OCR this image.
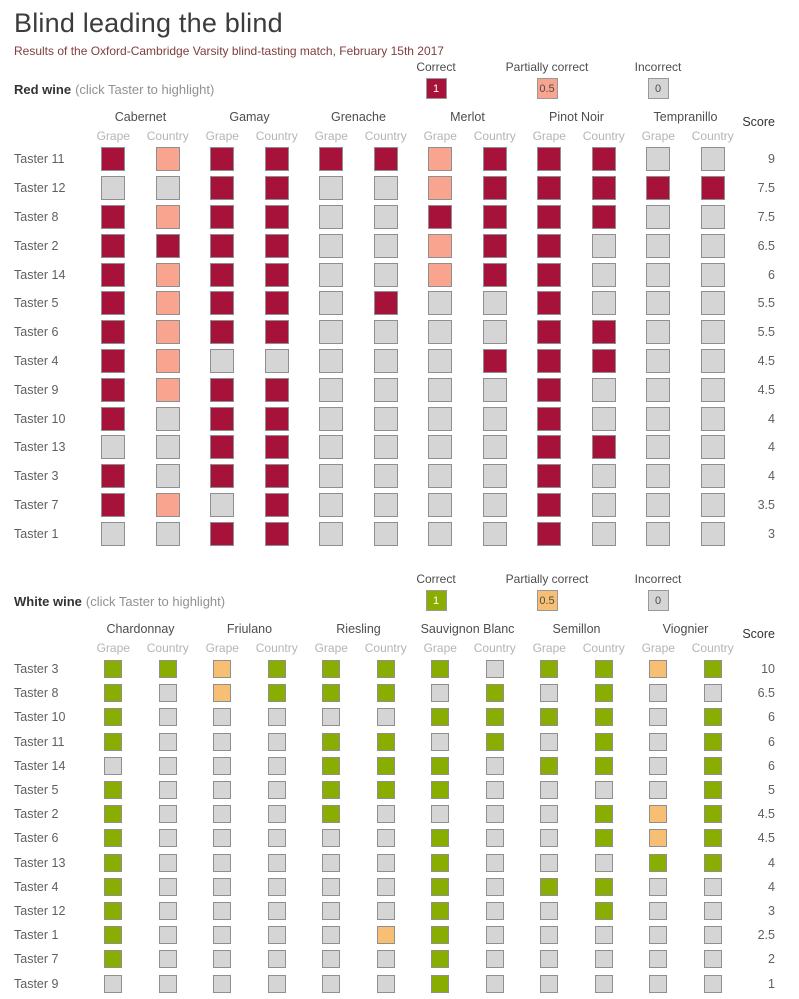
Blind leading the blind
Results of the Oxford-Cambridge Varsity blind-tasting match, February 15th 2017
Red wine (click Taster to highlight)
Score
Cabernet	Gamay	Grenache	Merlot	Pinot Noir	Tempranillo
Grape	Country	Grape	Country	Grape	Country	Grape	Country	Grape	Country	Grape	Country
Taster 11	9
Taster 12	7.5
Taster 8	7.5
Taster 2	6.5
Taster 14	6
Taster 5	5.5
Taster 6	5.5
Taster 4	4.5
Taster 9	4.5
Taster 10	4
Taster 13	4
Taster 3	4
Taster 7	3.5
Taster 1	3
Correct
1
Partially correct
0.5
Incorrect
0
White wine (click Taster to highlight)
Score
Chardonnay	Friulano	Riesling	Sauvignon Blanc	Semillon	Viognier
Grape	Country	Grape	Country	Grape	Country	Grape	Country	Grape	Country	Grape	Country
Taster 3	10
Taster 8	6.5
Taster 10	6
Taster 11	6
Taster 14	6
Taster 5	5
Taster 2	4.5
Taster 6	4.5
Taster 13	4
Taster 4	4
Taster 12	3
Taster 1	2.5
Taster 7	2
Taster 9	1
Correct
1
Partially correct
0.5
Incorrect
0
